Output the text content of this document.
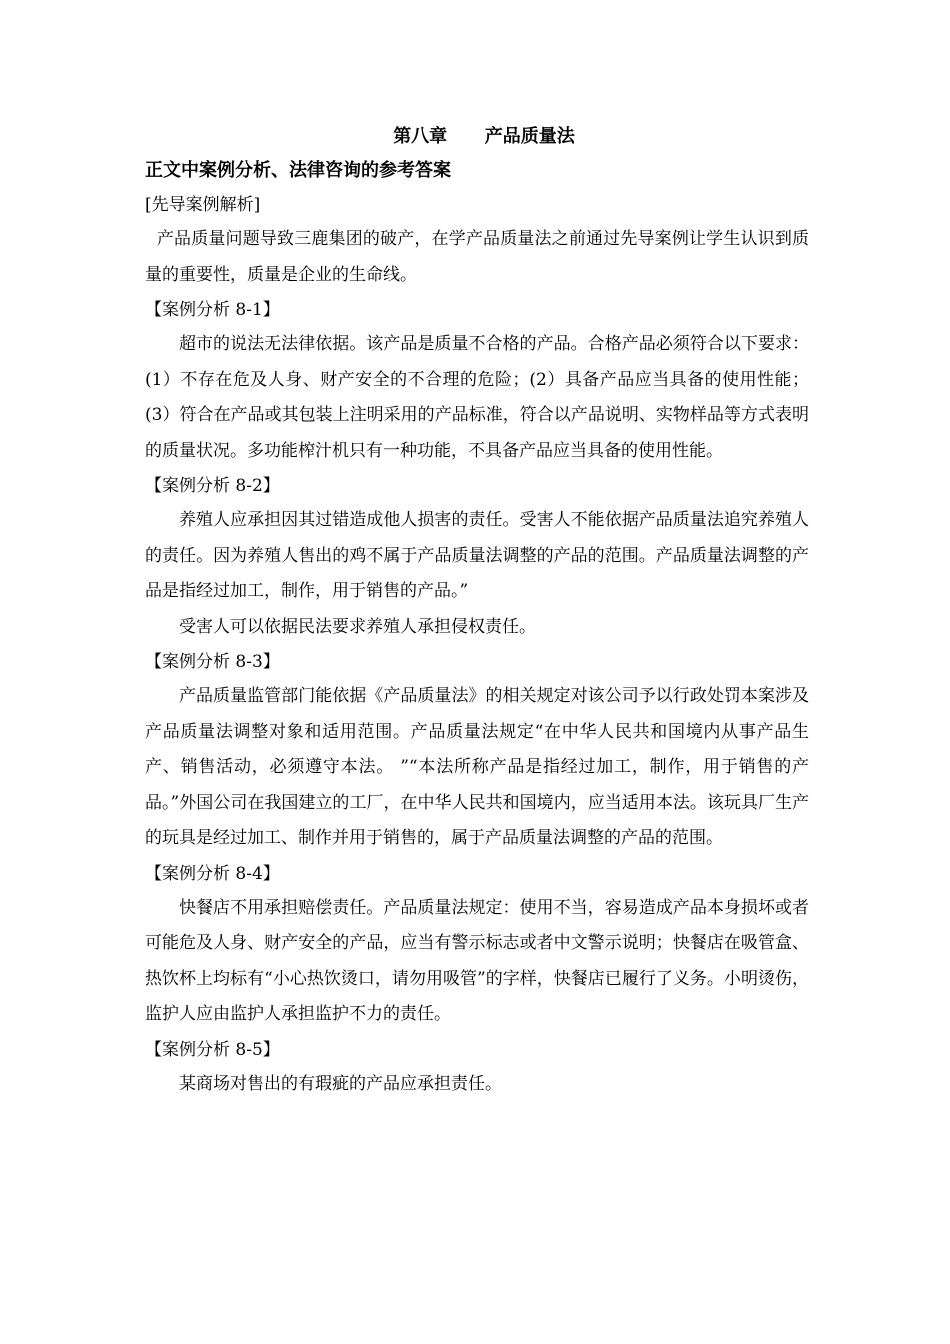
第八章      产品质量法
正文中案例分析、法律咨询的参考答案
[先导案例解析]

产品质量问题导致三鹿集团的破产，在学产品质量法之前通过先导案例让学生认识到质量的重要性，质量是企业的生命线。

【案例分析 8-1】

超市的说法无法律依据。该产品是质量不合格的产品。合格产品必须符合以下要求：(1）不存在危及人身、财产安全的不合理的危险；(2）具备产品应当具备的使用性能；(3）符合在产品或其包装上注明采用的产品标准，符合以产品说明、实物样品等方式表明的质量状况。多功能榨汁机只有一种功能，不具备产品应当具备的使用性能。

【案例分析 8-2】

养殖人应承担因其过错造成他人损害的责任。受害人不能依据产品质量法追究养殖人的责任。因为养殖人售出的鸡不属于产品质量法调整的产品的范围。产品质量法调整的产品是指经过加工，制作，用于销售的产品。”

受害人可以依据民法要求养殖人承担侵权责任。

【案例分析 8-3】

产品质量监管部门能依据《产品质量法》的相关规定对该公司予以行政处罚本案涉及产品质量法调整对象和适用范围。产品质量法规定“在中华人民共和国境内从事产品生产、销售活动，必须遵守本法。 ”“本法所称产品是指经过加工，制作，用于销售的产品。”外国公司在我国建立的工厂，在中华人民共和国境内，应当适用本法。该玩具厂生产的玩具是经过加工、制作并用于销售的，属于产品质量法调整的产品的范围。

【案例分析 8-4】

快餐店不用承担赔偿责任。产品质量法规定：使用不当，容易造成产品本身损坏或者可能危及人身、财产安全的产品，应当有警示标志或者中文警示说明；快餐店在吸管盒、热饮杯上均标有“小心热饮烫口，请勿用吸管”的字样，快餐店已履行了义务。小明烫伤，监护人应由监护人承担监护不力的责任。

【案例分析 8-5】

某商场对售出的有瑕疵的产品应承担责任。
